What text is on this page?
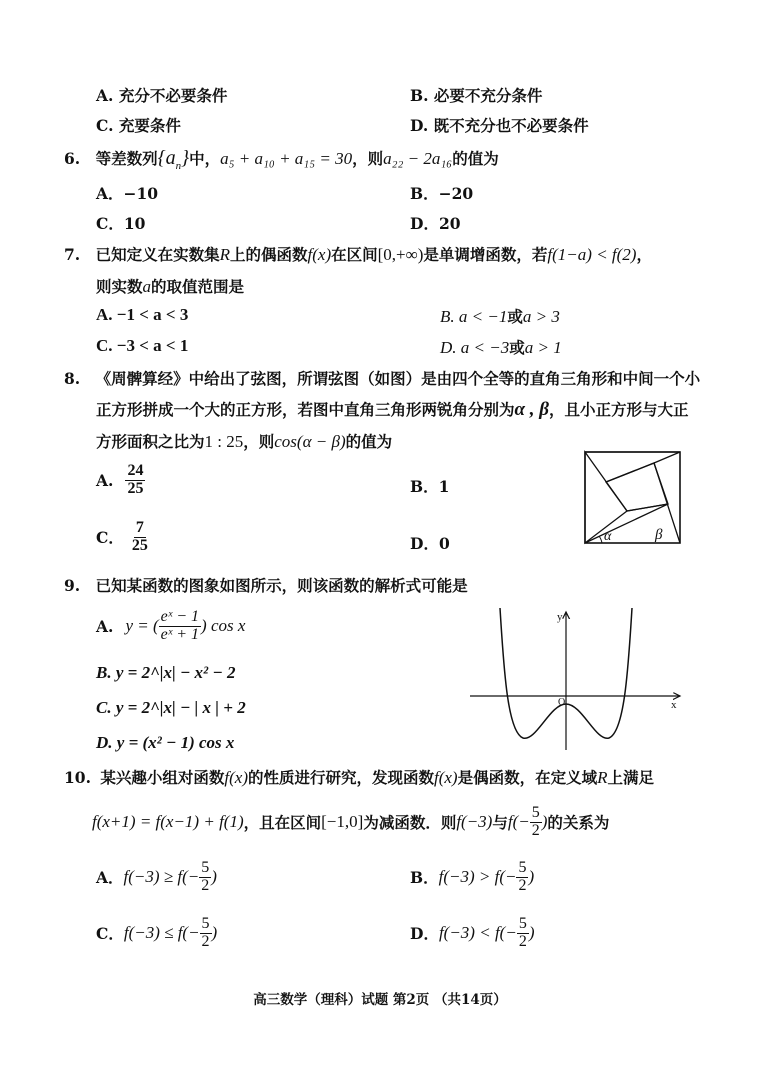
A. 充分不必要条件	B. 必要不充分条件
C. 充要条件	D. 既不充分也不必要条件
6. 等差数列$\{a_n\}$中，a₅ + a₁₀ + a₁₅ = 30，则a₂₂ − 2a₁₆的值为
A．−10	B．−20
C．10	D．20
7. 已知定义在实数集R上的偶函数f(x)在区间[0,+∞)是单调增函数，若f(1−a) < f(2)，
则实数a的取值范围是
A. −1 < a < 3	B. a < −1或a > 3
C. −3 < a < 1	D. a < −3或a > 1
8. 《周髀算经》中给出了弦图，所谓弦图（如图）是由四个全等的直角三角形和中间一个小
正方形拼成一个大的正方形，若图中直角三角形两锐角分别为α , β，且小正方形与大正
方形面积之比为1 : 25，则cos(α − β)的值为
A. $\frac{24}{25}$	B．1
C． $\frac{7}{25}$	D．0	α	β
9. 已知某函数的图象如图所示，则该函数的解析式可能是
A. y = ( $\frac{\text{eˣ − 1}}{\text{eˣ + 1}}$ ) cos x
B. y = 2^|x| − x² − 2
C. y = 2^|x| − | x | + 2
D. y = (x² − 1) cos x
y
x
O
10. 某兴趣小组对函数f(x)的性质进行研究，发现函数f(x)是偶函数，在定义域R上满足
f(x+1) = f(x−1) + f(1) ，且在区间 [−1,0] 为减函数．则 f(−3) 与 $f(- \frac{5}{2}$ ) 的关系为
A． $f(-3) \ge f(- \frac{5}{2}$ )	B． $f(-3) > f(- \frac{5}{2}$ )
C． $f(-3) \le f(- \frac{5}{2}$ )	D． $f(-3) < f(- \frac{5}{2}$ )
高三数学（理科）试题 第2页 （共14页）
